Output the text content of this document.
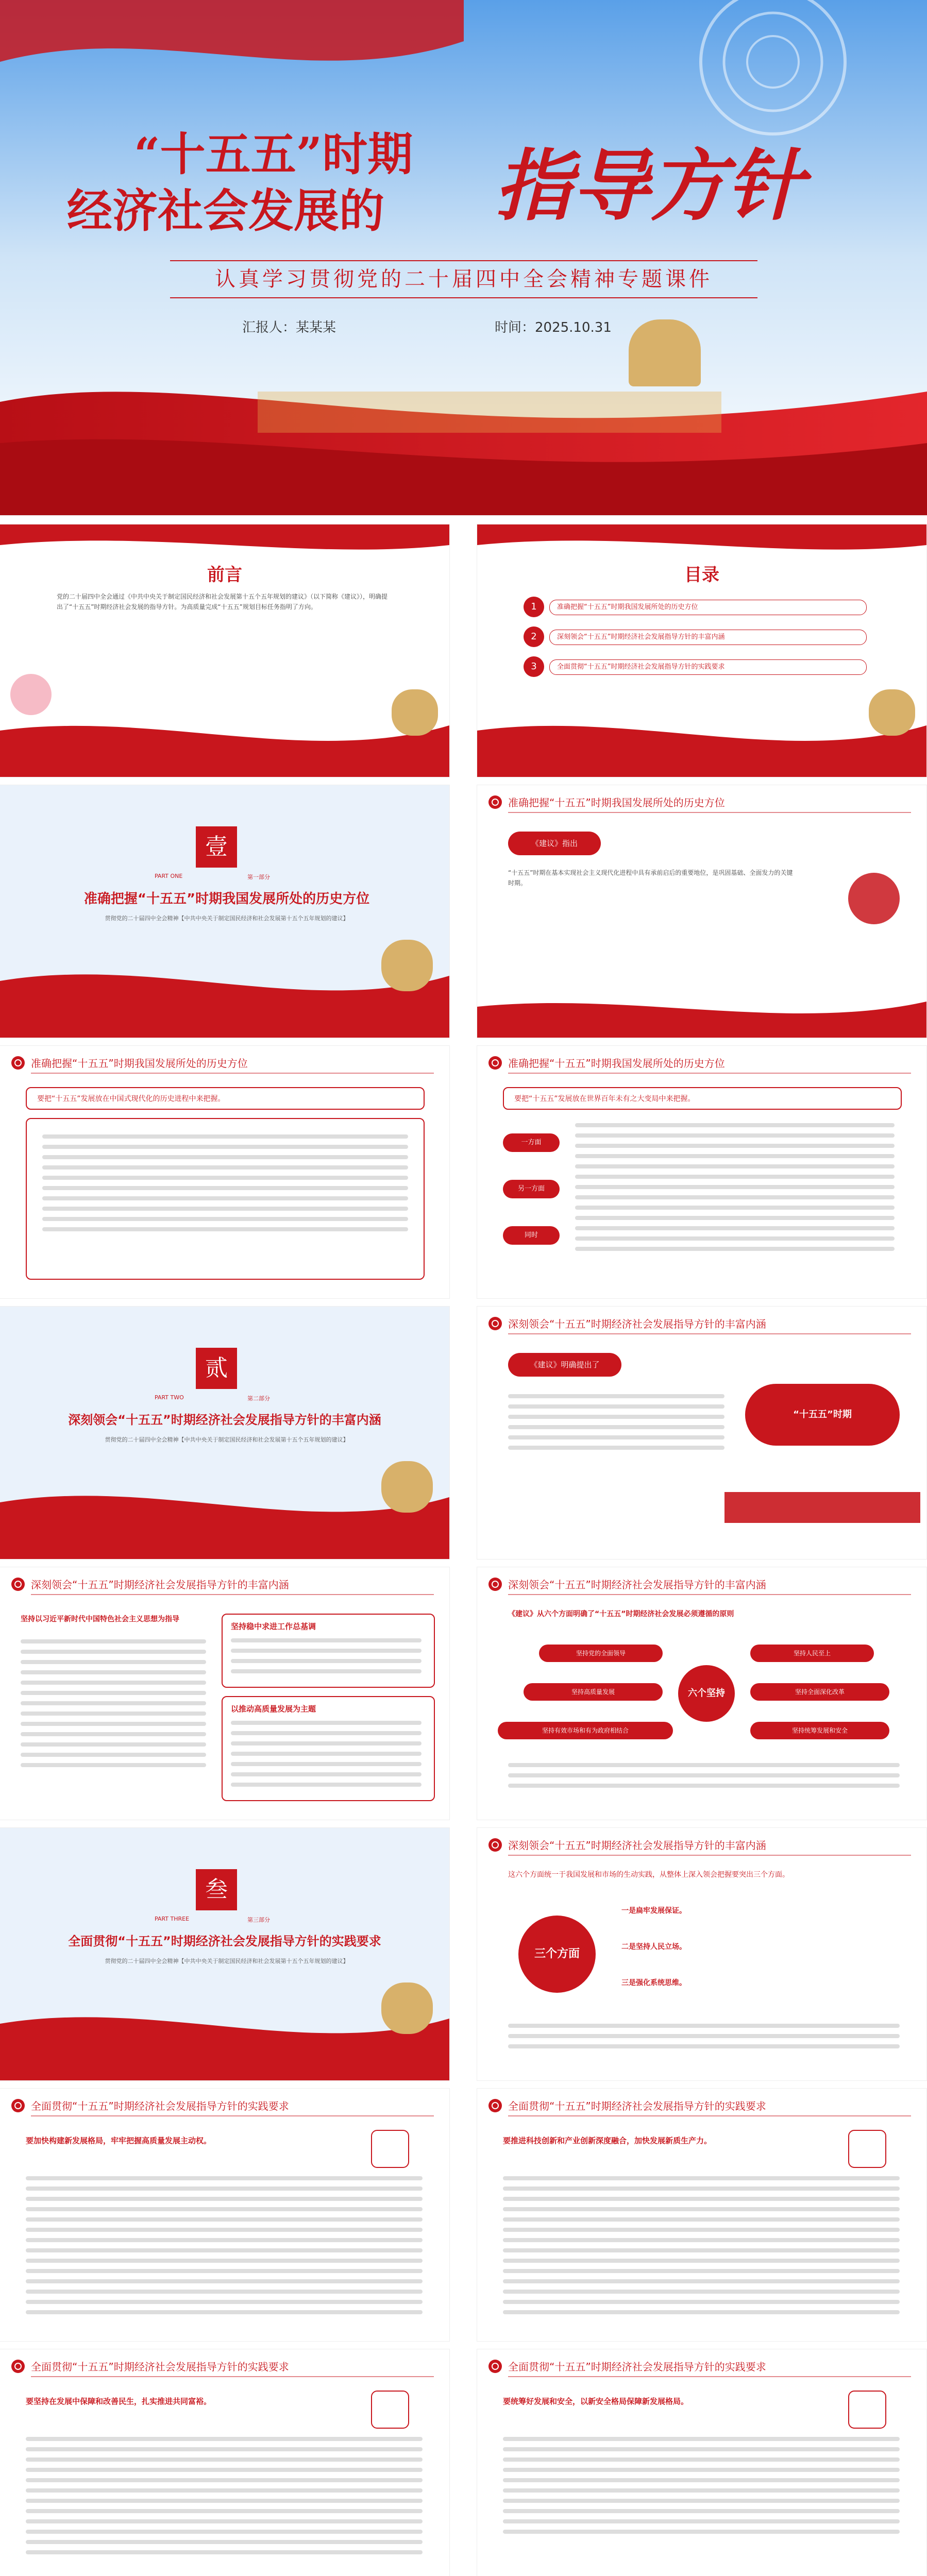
“十五五”时期
经济社会发展的 指导方针
认真学习贯彻党的二十届四中全会精神专题课件
汇报人：某某某	时间：2025.10.31
前言
党的二十届四中全会通过《中共中央关于制定国民经济和社会发展第十五个五年规划的建议》（以下简称《建议》），明确提出了“十五五”时期经济社会发展的指导方针。为高质量完成“十五五”规划目标任务指明了方向。
目录
1	准确把握“十五五”时期我国发展所处的历史方位
2	深刻领会“十五五”时期经济社会发展指导方针的丰富内涵
3	全面贯彻“十五五”时期经济社会发展指导方针的实践要求
壹
PART ONE	第一部分
准确把握“十五五”时期我国发展所处的历史方位
贯彻党的二十届四中全会精神【中共中央关于制定国民经济和社会发展第十五个五年规划的建议】
准确把握“十五五”时期我国发展所处的历史方位
《建议》指出
“十五五”时期在基本实现社会主义现代化进程中具有承前启后的重要地位，是巩固基础、全面发力的关键时期。
准确把握“十五五”时期我国发展所处的历史方位
要把“十五五”发展放在中国式现代化的历史进程中来把握。
准确把握“十五五”时期我国发展所处的历史方位
要把“十五五”发展放在世界百年未有之大变局中来把握。
一方面
另一方面
同时
贰
PART TWO	第二部分
深刻领会“十五五”时期经济社会发展指导方针的丰富内涵
贯彻党的二十届四中全会精神【中共中央关于制定国民经济和社会发展第十五个五年规划的建议】
深刻领会“十五五”时期经济社会发展指导方针的丰富内涵
《建议》明确提出了
“十五五”时期
深刻领会“十五五”时期经济社会发展指导方针的丰富内涵
坚持以习近平新时代中国特色社会主义思想为指导
坚持稳中求进工作总基调
以推动高质量发展为主题
深刻领会“十五五”时期经济社会发展指导方针的丰富内涵
《建议》从六个方面明确了“十五五”时期经济社会发展必须遵循的原则
六个坚持
坚持党的全面领导	坚持人民至上
坚持高质量发展	坚持全面深化改革
坚持有效市场和有为政府相结合	坚持统筹发展和安全
叁
PART THREE	第三部分
全面贯彻“十五五”时期经济社会发展指导方针的实践要求
贯彻党的二十届四中全会精神【中共中央关于制定国民经济和社会发展第十五个五年规划的建议】
深刻领会“十五五”时期经济社会发展指导方针的丰富内涵
这六个方面统一于我国发展和市场的生动实践，从整体上深入领会把握要突出三个方面。
三个方面
一是扁牢发展保证。
二是坚持人民立场。
三是强化系统思维。
全面贯彻“十五五”时期经济社会发展指导方针的实践要求
要加快构建新发展格局，牢牢把握高质量发展主动权。
全面贯彻“十五五”时期经济社会发展指导方针的实践要求
要推进科技创新和产业创新深度融合，加快发展新质生产力。
全面贯彻“十五五”时期经济社会发展指导方针的实践要求
要坚持在发展中保障和改善民生，扎实推进共同富裕。
全面贯彻“十五五”时期经济社会发展指导方针的实践要求
要统筹好发展和安全，以新安全格局保障新发展格局。
